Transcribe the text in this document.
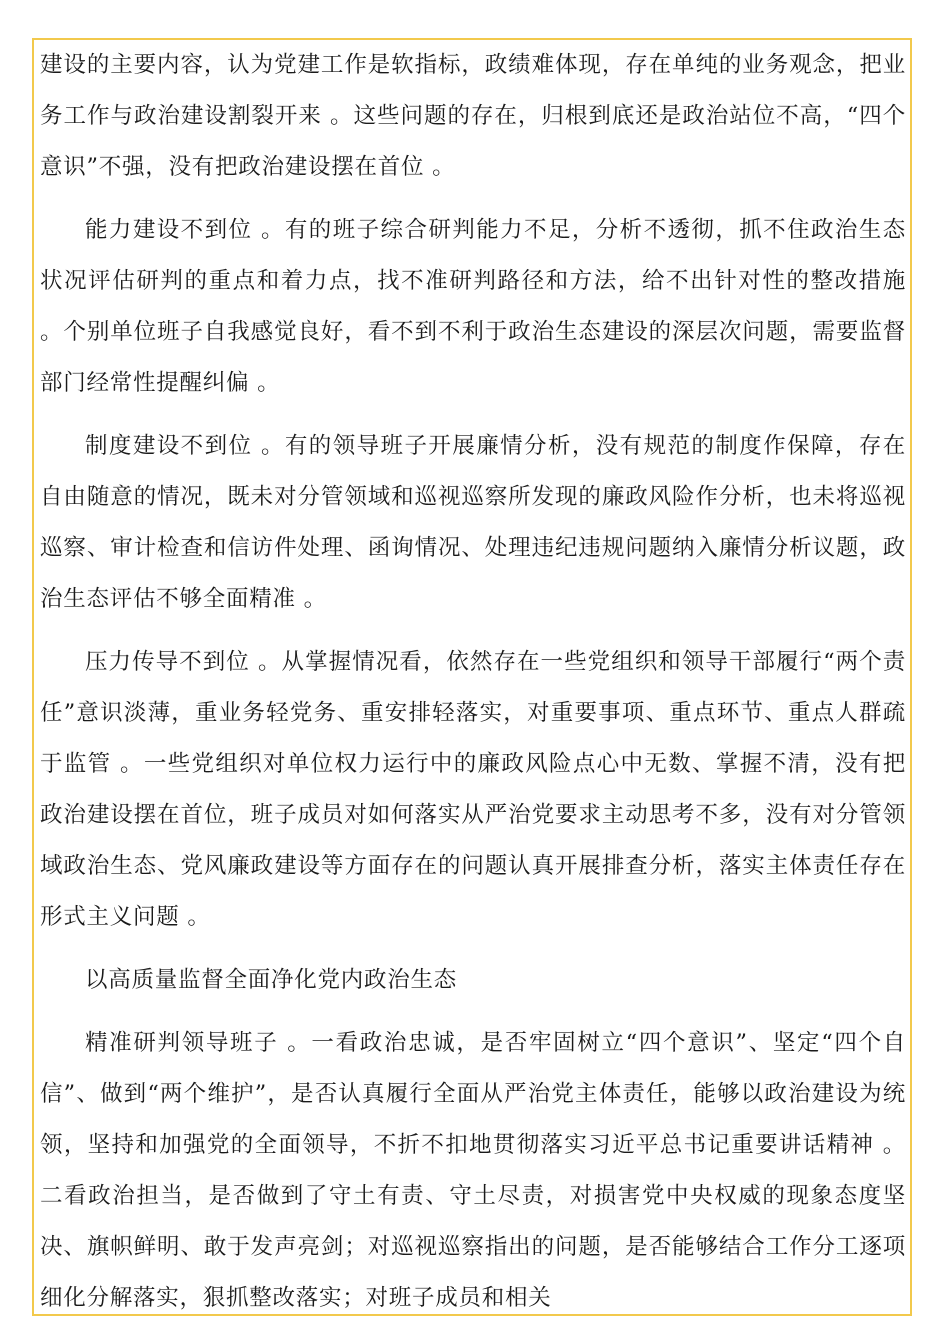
建设的主要内容，认为党建工作是软指标，政绩难体现，存在单纯的业务观念，把业务工作与政治建设割裂开来 。这些问题的存在，归根到底还是政治站位不高，“四个意识”不强，没有把政治建设摆在首位 。

能力建设不到位 。有的班子综合研判能力不足，分析不透彻，抓不住政治生态状况评估研判的重点和着力点，找不准研判路径和方法，给不出针对性的整改措施 。个别单位班子自我感觉良好，看不到不利于政治生态建设的深层次问题，需要监督部门经常性提醒纠偏 。

制度建设不到位 。有的领导班子开展廉情分析，没有规范的制度作保障，存在自由随意的情况，既未对分管领域和巡视巡察所发现的廉政风险作分析，也未将巡视巡察、审计检查和信访件处理、函询情况、处理违纪违规问题纳入廉情分析议题，政治生态评估不够全面精准 。

压力传导不到位 。从掌握情况看，依然存在一些党组织和领导干部履行“两个责任”意识淡薄，重业务轻党务、重安排轻落实，对重要事项、重点环节、重点人群疏于监管 。一些党组织对单位权力运行中的廉政风险点心中无数、掌握不清，没有把政治建设摆在首位，班子成员对如何落实从严治党要求主动思考不多，没有对分管领域政治生态、党风廉政建设等方面存在的问题认真开展排查分析，落实主体责任存在形式主义问题 。

以高质量监督全面净化党内政治生态

精准研判领导班子 。一看政治忠诚，是否牢固树立“四个意识”、坚定“四个自信”、做到“两个维护”，是否认真履行全面从严治党主体责任，能够以政治建设为统领，坚持和加强党的全面领导，不折不扣地贯彻落实习近平总书记重要讲话精神 。二看政治担当，是否做到了守土有责、守土尽责，对损害党中央权威的现象态度坚决、旗帜鲜明、敢于发声亮剑；对巡视巡察指出的问题，是否能够结合工作分工逐项细化分解落实，狠抓整改落实；对班子成员和相关
